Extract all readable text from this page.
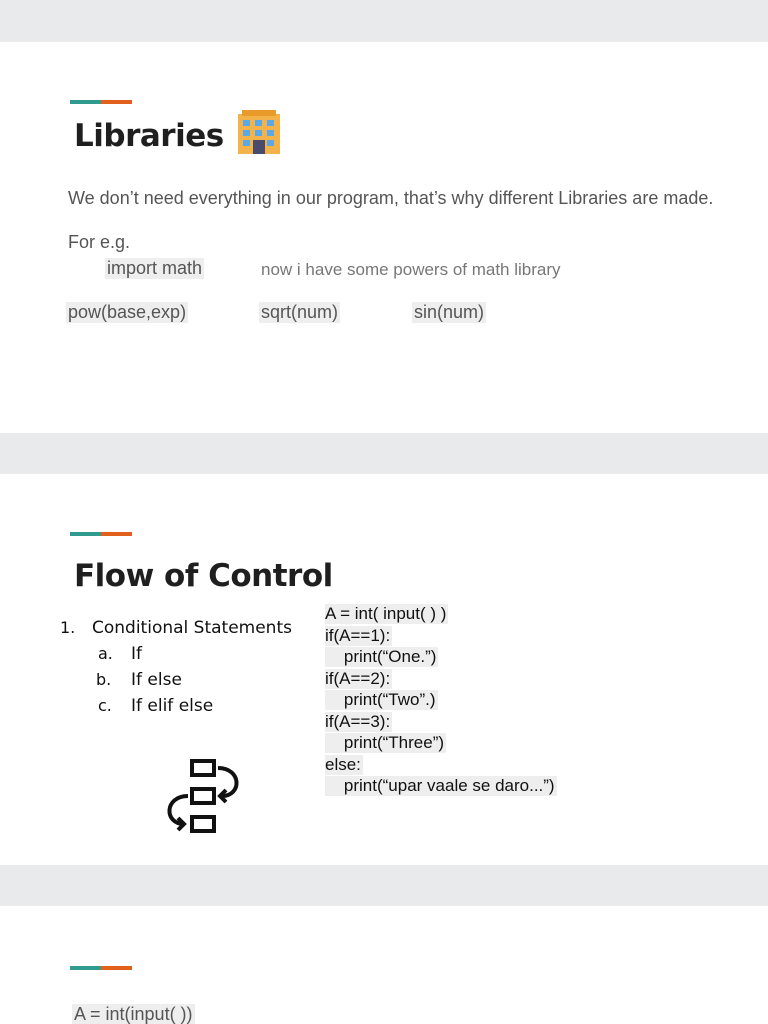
Libraries
We don’t need everything in our program, that’s why different Libraries are made.
For e.g.
import math	now i have some powers of math library
pow(base,exp)	sqrt(num)	sin(num)
Flow of Control
1. Conditional Statements
a. If
b. If else
c. If elif else
A = int( input( ) )
if(A==1):
print(“One.”)
if(A==2):
print(“Two”.)
if(A==3):
print(“Three”)
else:
print(“upar vaale se daro...”)
A = int(input( ))
